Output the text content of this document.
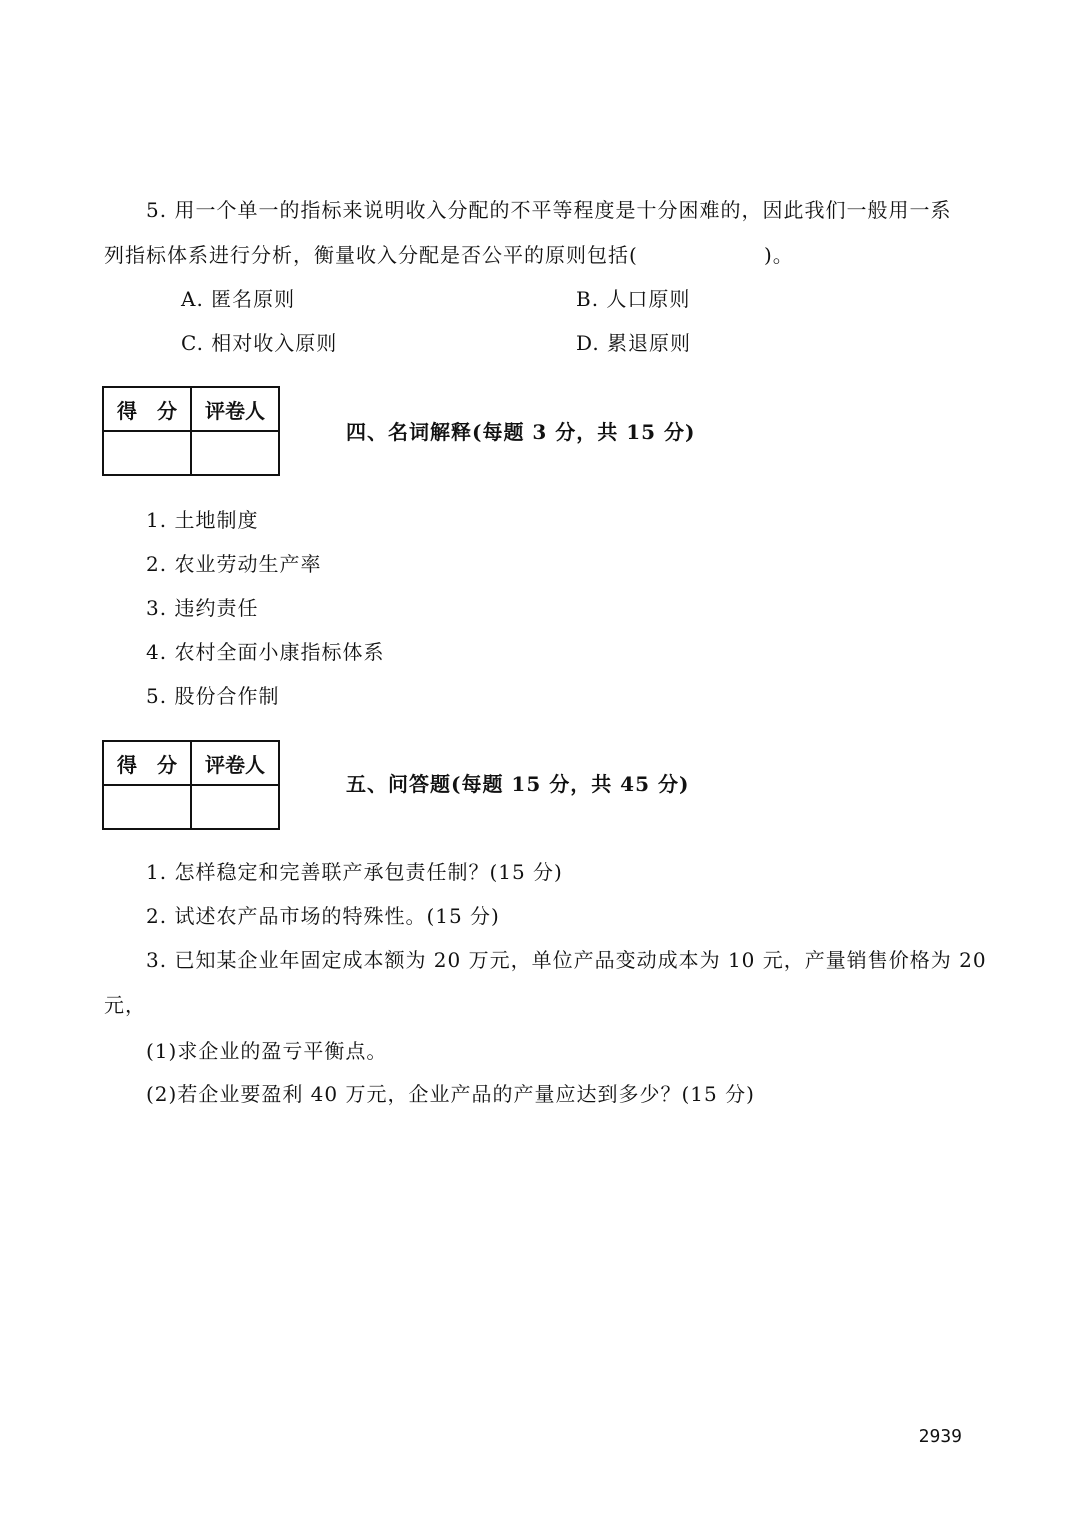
5. 用一个单一的指标来说明收入分配的不平等程度是十分困难的，因此我们一般用一系
列指标体系进行分析，衡量收入分配是否公平的原则包括(	)。
A. 匿名原则	B. 人口原则
C. 相对收入原则	D. 累退原则
得　分	评卷人

四、名词解释(每题 3 分，共 15 分)
1. 土地制度
2. 农业劳动生产率
3. 违约责任
4. 农村全面小康指标体系
5. 股份合作制
得　分	评卷人

五、问答题(每题 15 分，共 45 分)
1. 怎样稳定和完善联产承包责任制？(15 分)
2. 试述农产品市场的特殊性。(15 分)
3. 已知某企业年固定成本额为 20 万元，单位产品变动成本为 10 元，产量销售价格为 20
元，
(1)求企业的盈亏平衡点。
(2)若企业要盈利 40 万元，企业产品的产量应达到多少？(15 分)
2939
